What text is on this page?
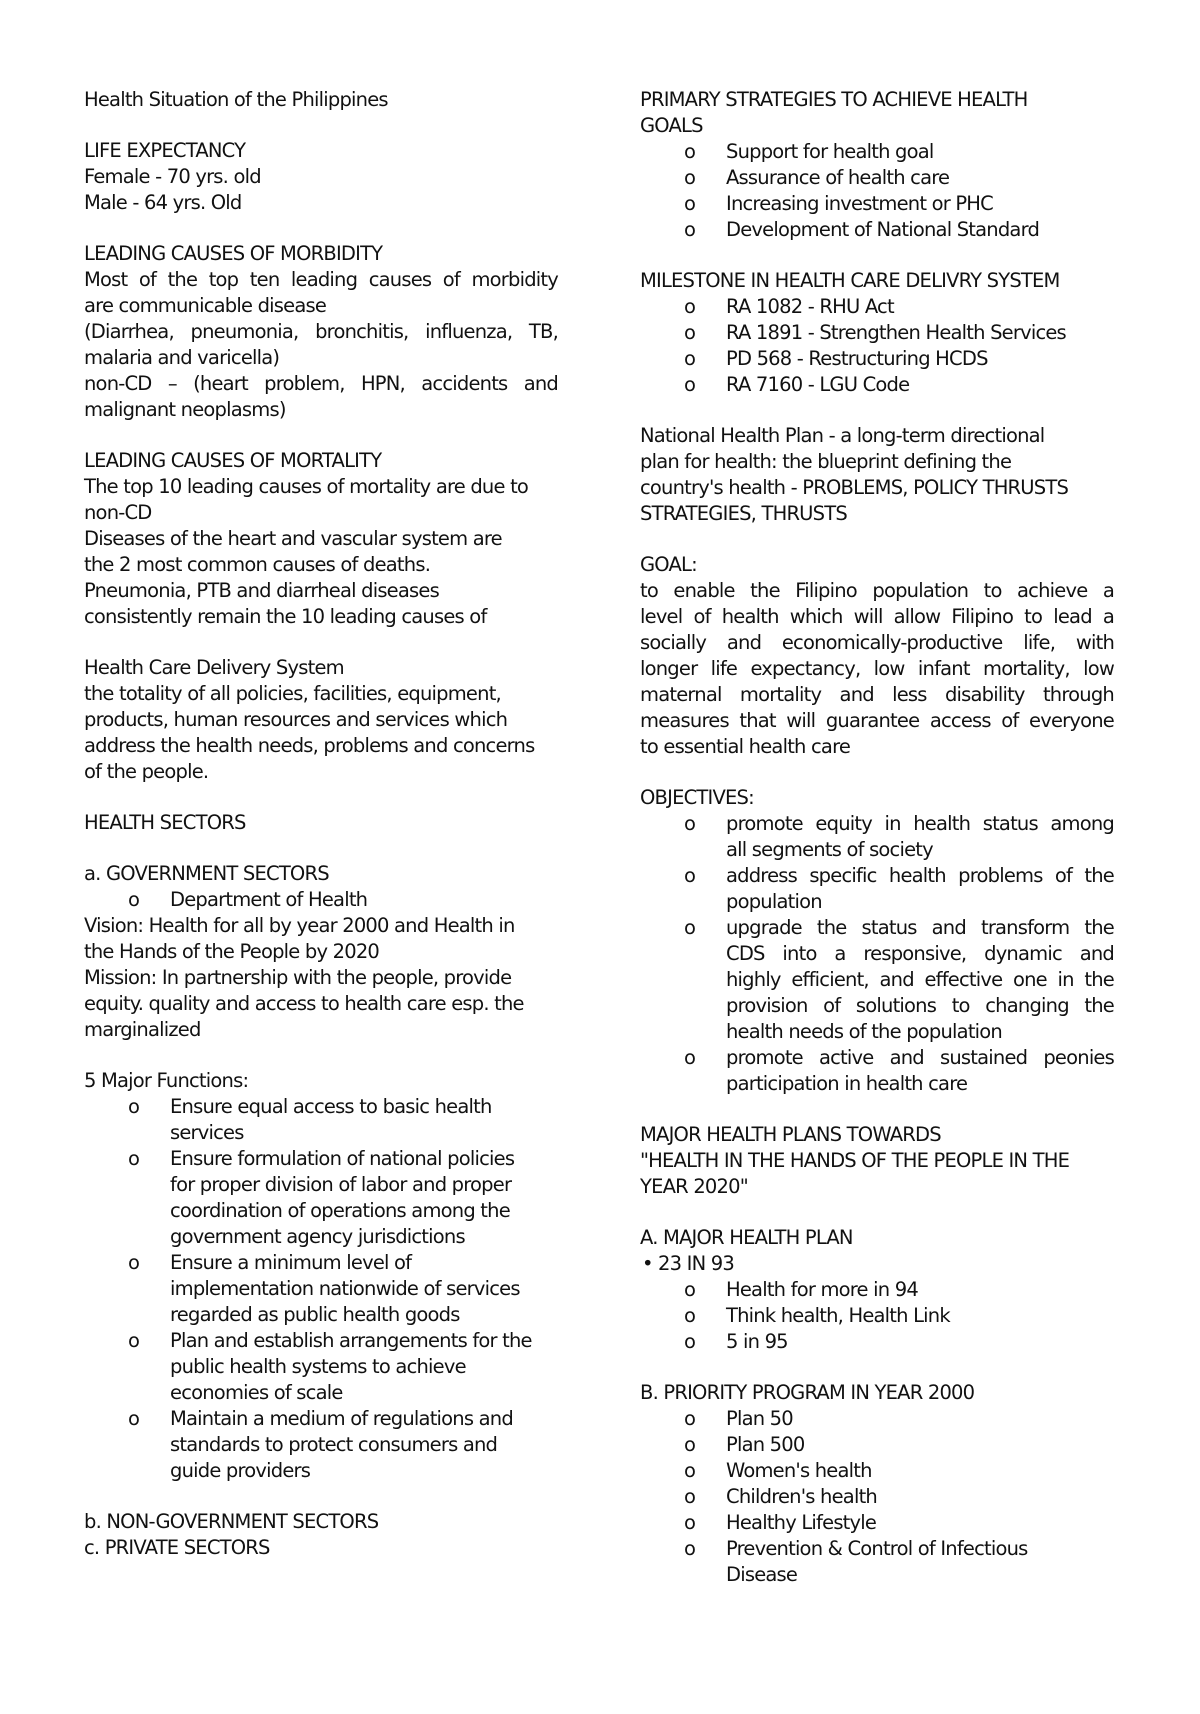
Health Situation of the Philippines
LIFE EXPECTANCY
Female - 70 yrs. old
Male - 64 yrs. Old
LEADING CAUSES OF MORBIDITY
Most of the top ten leading causes of morbidity
are communicable disease
(Diarrhea, pneumonia, bronchitis, influenza, TB,
malaria and varicella)
non-CD – (heart problem, HPN, accidents and
malignant neoplasms)
LEADING CAUSES OF MORTALITY
The top 10 leading causes of mortality are due to
non-CD
Diseases of the heart and vascular system are
the 2 most common causes of deaths.
Pneumonia, PTB and diarrheal diseases
consistently remain the 10 leading causes of
Health Care Delivery System
the totality of all policies, facilities, equipment,
products, human resources and services which
address the health needs, problems and concerns
of the people.
HEALTH SECTORS
a. GOVERNMENT SECTORS
o Department of Health
Vision: Health for all by year 2000 and Health in
the Hands of the People by 2020
Mission: In partnership with the people, provide
equity. quality and access to health care esp. the
marginalized
5 Major Functions:
o Ensure equal access to basic health
services
o Ensure formulation of national policies
for proper division of labor and proper
coordination of operations among the
government agency jurisdictions
o Ensure a minimum level of
implementation nationwide of services
regarded as public health goods
o Plan and establish arrangements for the
public health systems to achieve
economies of scale
o Maintain a medium of regulations and
standards to protect consumers and
guide providers
b. NON-GOVERNMENT SECTORS
c. PRIVATE SECTORS
PRIMARY STRATEGIES TO ACHIEVE HEALTH
GOALS
o Support for health goal
o Assurance of health care
o Increasing investment or PHC
o Development of National Standard
MILESTONE IN HEALTH CARE DELIVRY SYSTEM
o RA 1082 - RHU Act
o RA 1891 - Strengthen Health Services
o PD 568 - Restructuring HCDS
o RA 7160 - LGU Code
National Health Plan - a long-term directional
plan for health: the blueprint defining the
country's health - PROBLEMS, POLICY THRUSTS
STRATEGIES, THRUSTS
GOAL:
to enable the Filipino population to achieve a
level of health which will allow Filipino to lead a
socially and economically-productive life, with
longer life expectancy, low infant mortality, low
maternal mortality and less disability through
measures that will guarantee access of everyone
to essential health care
OBJECTIVES:
o promote equity in health status among
all segments of society
o address specific health problems of the
population
o upgrade the status and transform the
CDS into a responsive, dynamic and
highly efficient, and effective one in the
provision of solutions to changing the
health needs of the population
o promote active and sustained peonies
participation in health care
MAJOR HEALTH PLANS TOWARDS
"HEALTH IN THE HANDS OF THE PEOPLE IN THE
YEAR 2020"
A. MAJOR HEALTH PLAN
• 23 IN 93
o Health for more in 94
o Think health, Health Link
o 5 in 95
B. PRIORITY PROGRAM IN YEAR 2000
o Plan 50
o Plan 500
o Women's health
o Children's health
o Healthy Lifestyle
o Prevention & Control of Infectious
Disease
